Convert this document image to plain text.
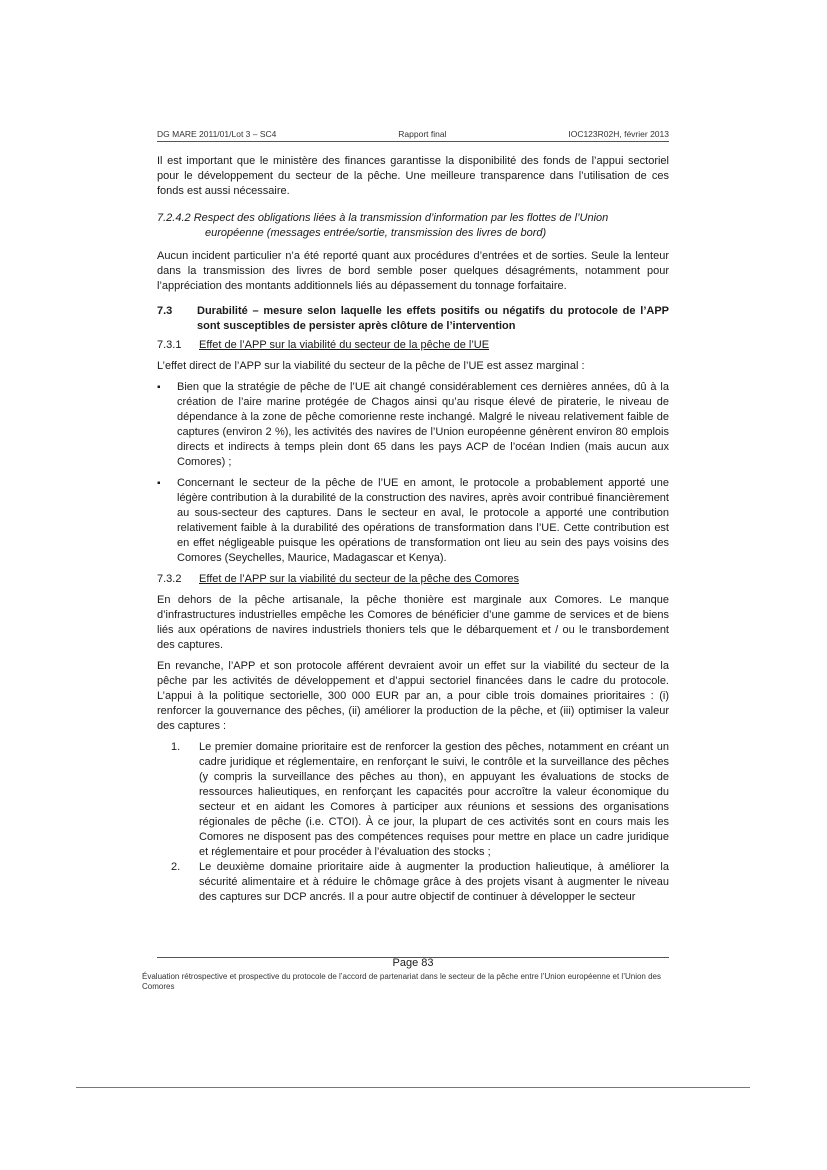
DG MARE 2011/01/Lot 3 – SC4	Rapport final	IOC123R02H, février 2013

Il est important que le ministère des finances garantisse la disponibilité des fonds de l’appui sectoriel pour le développement du secteur de la pêche. Une meilleure transparence dans l’utilisation de ces fonds est aussi nécessaire.

7.2.4.2 Respect des obligations liées à la transmission d’information par les flottes de l’Union
européenne (messages entrée/sortie, transmission des livres de bord)

Aucun incident particulier n’a été reporté quant aux procédures d’entrées et de sorties. Seule la lenteur dans la transmission des livres de bord semble poser quelques désagréments, notamment pour l’appréciation des montants additionnels liés au dépassement du tonnage forfaitaire.

7.3	Durabilité – mesure selon laquelle les effets positifs ou négatifs du protocole de l’APP sont susceptibles de persister après clôture de l’intervention
7.3.1	Effet de l’APP sur la viabilité du secteur de la pêche de l’UE

L’effet direct de l’APP sur la viabilité du secteur de la pêche de l’UE est assez marginal :

▪ Bien que la stratégie de pêche de l’UE ait changé considérablement ces dernières années, dû à la création de l’aire marine protégée de Chagos ainsi qu’au risque élevé de piraterie, le niveau de dépendance à la zone de pêche comorienne reste inchangé. Malgré le niveau relativement faible de captures (environ 2 %), les activités des navires de l’Union européenne génèrent environ 80 emplois directs et indirects à temps plein dont 65 dans les pays ACP de l’océan Indien (mais aucun aux Comores) ;
▪ Concernant le secteur de la pêche de l’UE en amont, le protocole a probablement apporté une légère contribution à la durabilité de la construction des navires, après avoir contribué financièrement au sous-secteur des captures. Dans le secteur en aval, le protocole a apporté une contribution relativement faible à la durabilité des opérations de transformation dans l’UE. Cette contribution est en effet négligeable puisque les opérations de transformation ont lieu au sein des pays voisins des Comores (Seychelles, Maurice, Madagascar et Kenya).
7.3.2	Effet de l’APP sur la viabilité du secteur de la pêche des Comores

En dehors de la pêche artisanale, la pêche thonière est marginale aux Comores. Le manque d’infrastructures industrielles empêche les Comores de bénéficier d’une gamme de services et de biens liés aux opérations de navires industriels thoniers tels que le débarquement et / ou le transbordement des captures.

En revanche, l’APP et son protocole afférent devraient avoir un effet sur la viabilité du secteur de la pêche par les activités de développement et d’appui sectoriel financées dans le cadre du protocole. L’appui à la politique sectorielle, 300 000 EUR par an, a pour cible trois domaines prioritaires : (i) renforcer la gouvernance des pêches, (ii) améliorer la production de la pêche, et (iii) optimiser la valeur des captures :

1.	Le premier domaine prioritaire est de renforcer la gestion des pêches, notamment en créant un cadre juridique et réglementaire, en renforçant le suivi, le contrôle et la surveillance des pêches (y compris la surveillance des pêches au thon), en appuyant les évaluations de stocks de ressources halieutiques, en renforçant les capacités pour accroître la valeur économique du secteur et en aidant les Comores à participer aux réunions et sessions des organisations régionales de pêche (i.e. CTOI). À ce jour, la plupart de ces activités sont en cours mais les Comores ne disposent pas des compétences requises pour mettre en place un cadre juridique et réglementaire et pour procéder à l’évaluation des stocks ;
2.	Le deuxième domaine prioritaire aide à augmenter la production halieutique, à améliorer la sécurité alimentaire et à réduire le chômage grâce à des projets visant à augmenter le niveau des captures sur DCP ancrés. Il a pour autre objectif de continuer à développer le secteur
Page 83
Évaluation rétrospective et prospective du protocole de l’accord de partenariat dans le secteur de la pêche entre l’Union européenne et l’Union des Comores
